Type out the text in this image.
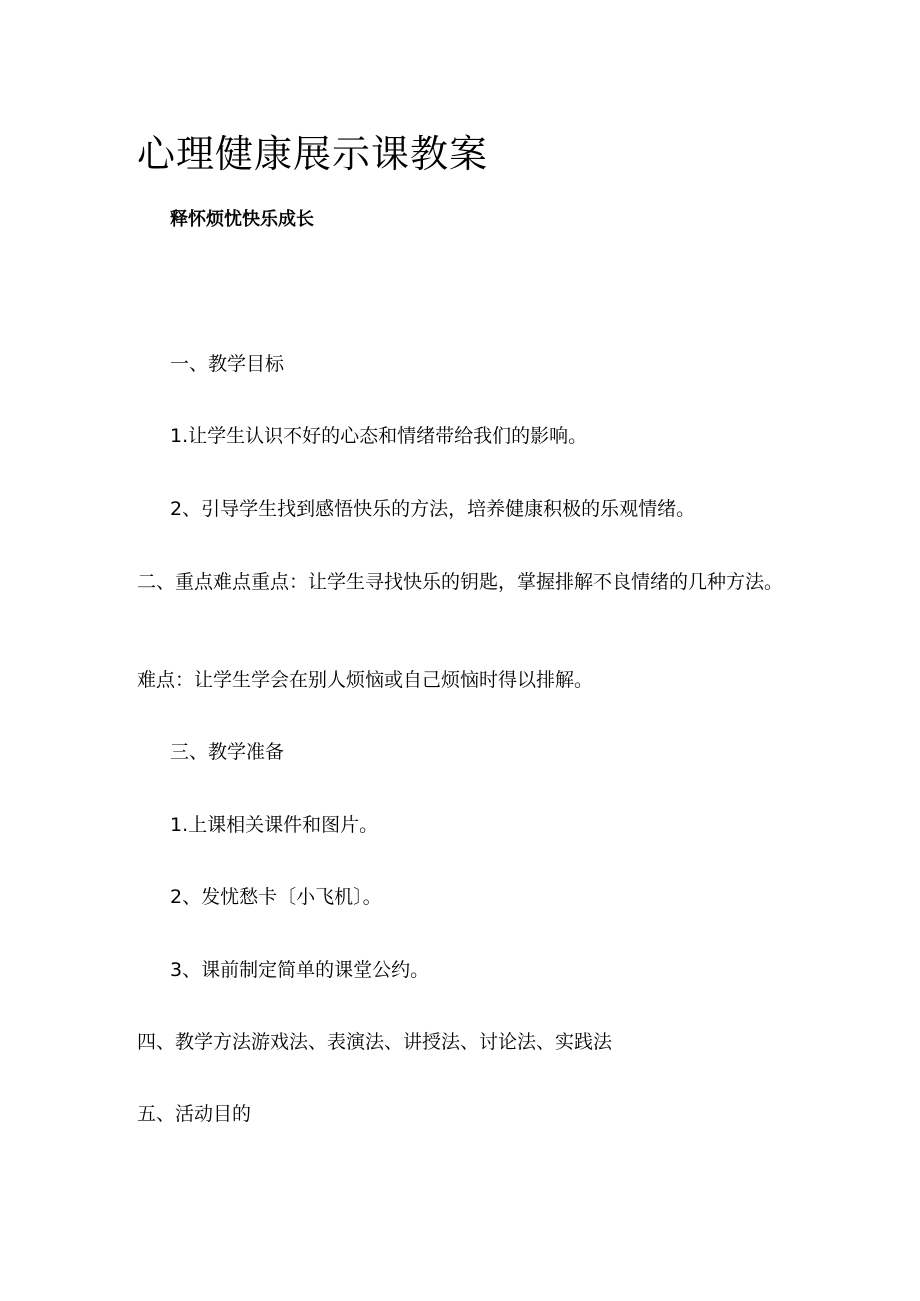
心理健康展示课教案

释怀烦忧快乐成长

一、教学目标

1.让学生认识不好的心态和情绪带给我们的影响。

2、引导学生找到感悟快乐的方法，培养健康积极的乐观情绪。

二、重点难点重点：让学生寻找快乐的钥匙，掌握排解不良情绪的几种方法。

难点：让学生学会在别人烦恼或自己烦恼时得以排解。

三、教学准备

1.上课相关课件和图片。

2、发忧愁卡〔小飞机〕。

3、课前制定简单的课堂公约。

四、教学方法游戏法、表演法、讲授法、讨论法、实践法

五、活动目的
